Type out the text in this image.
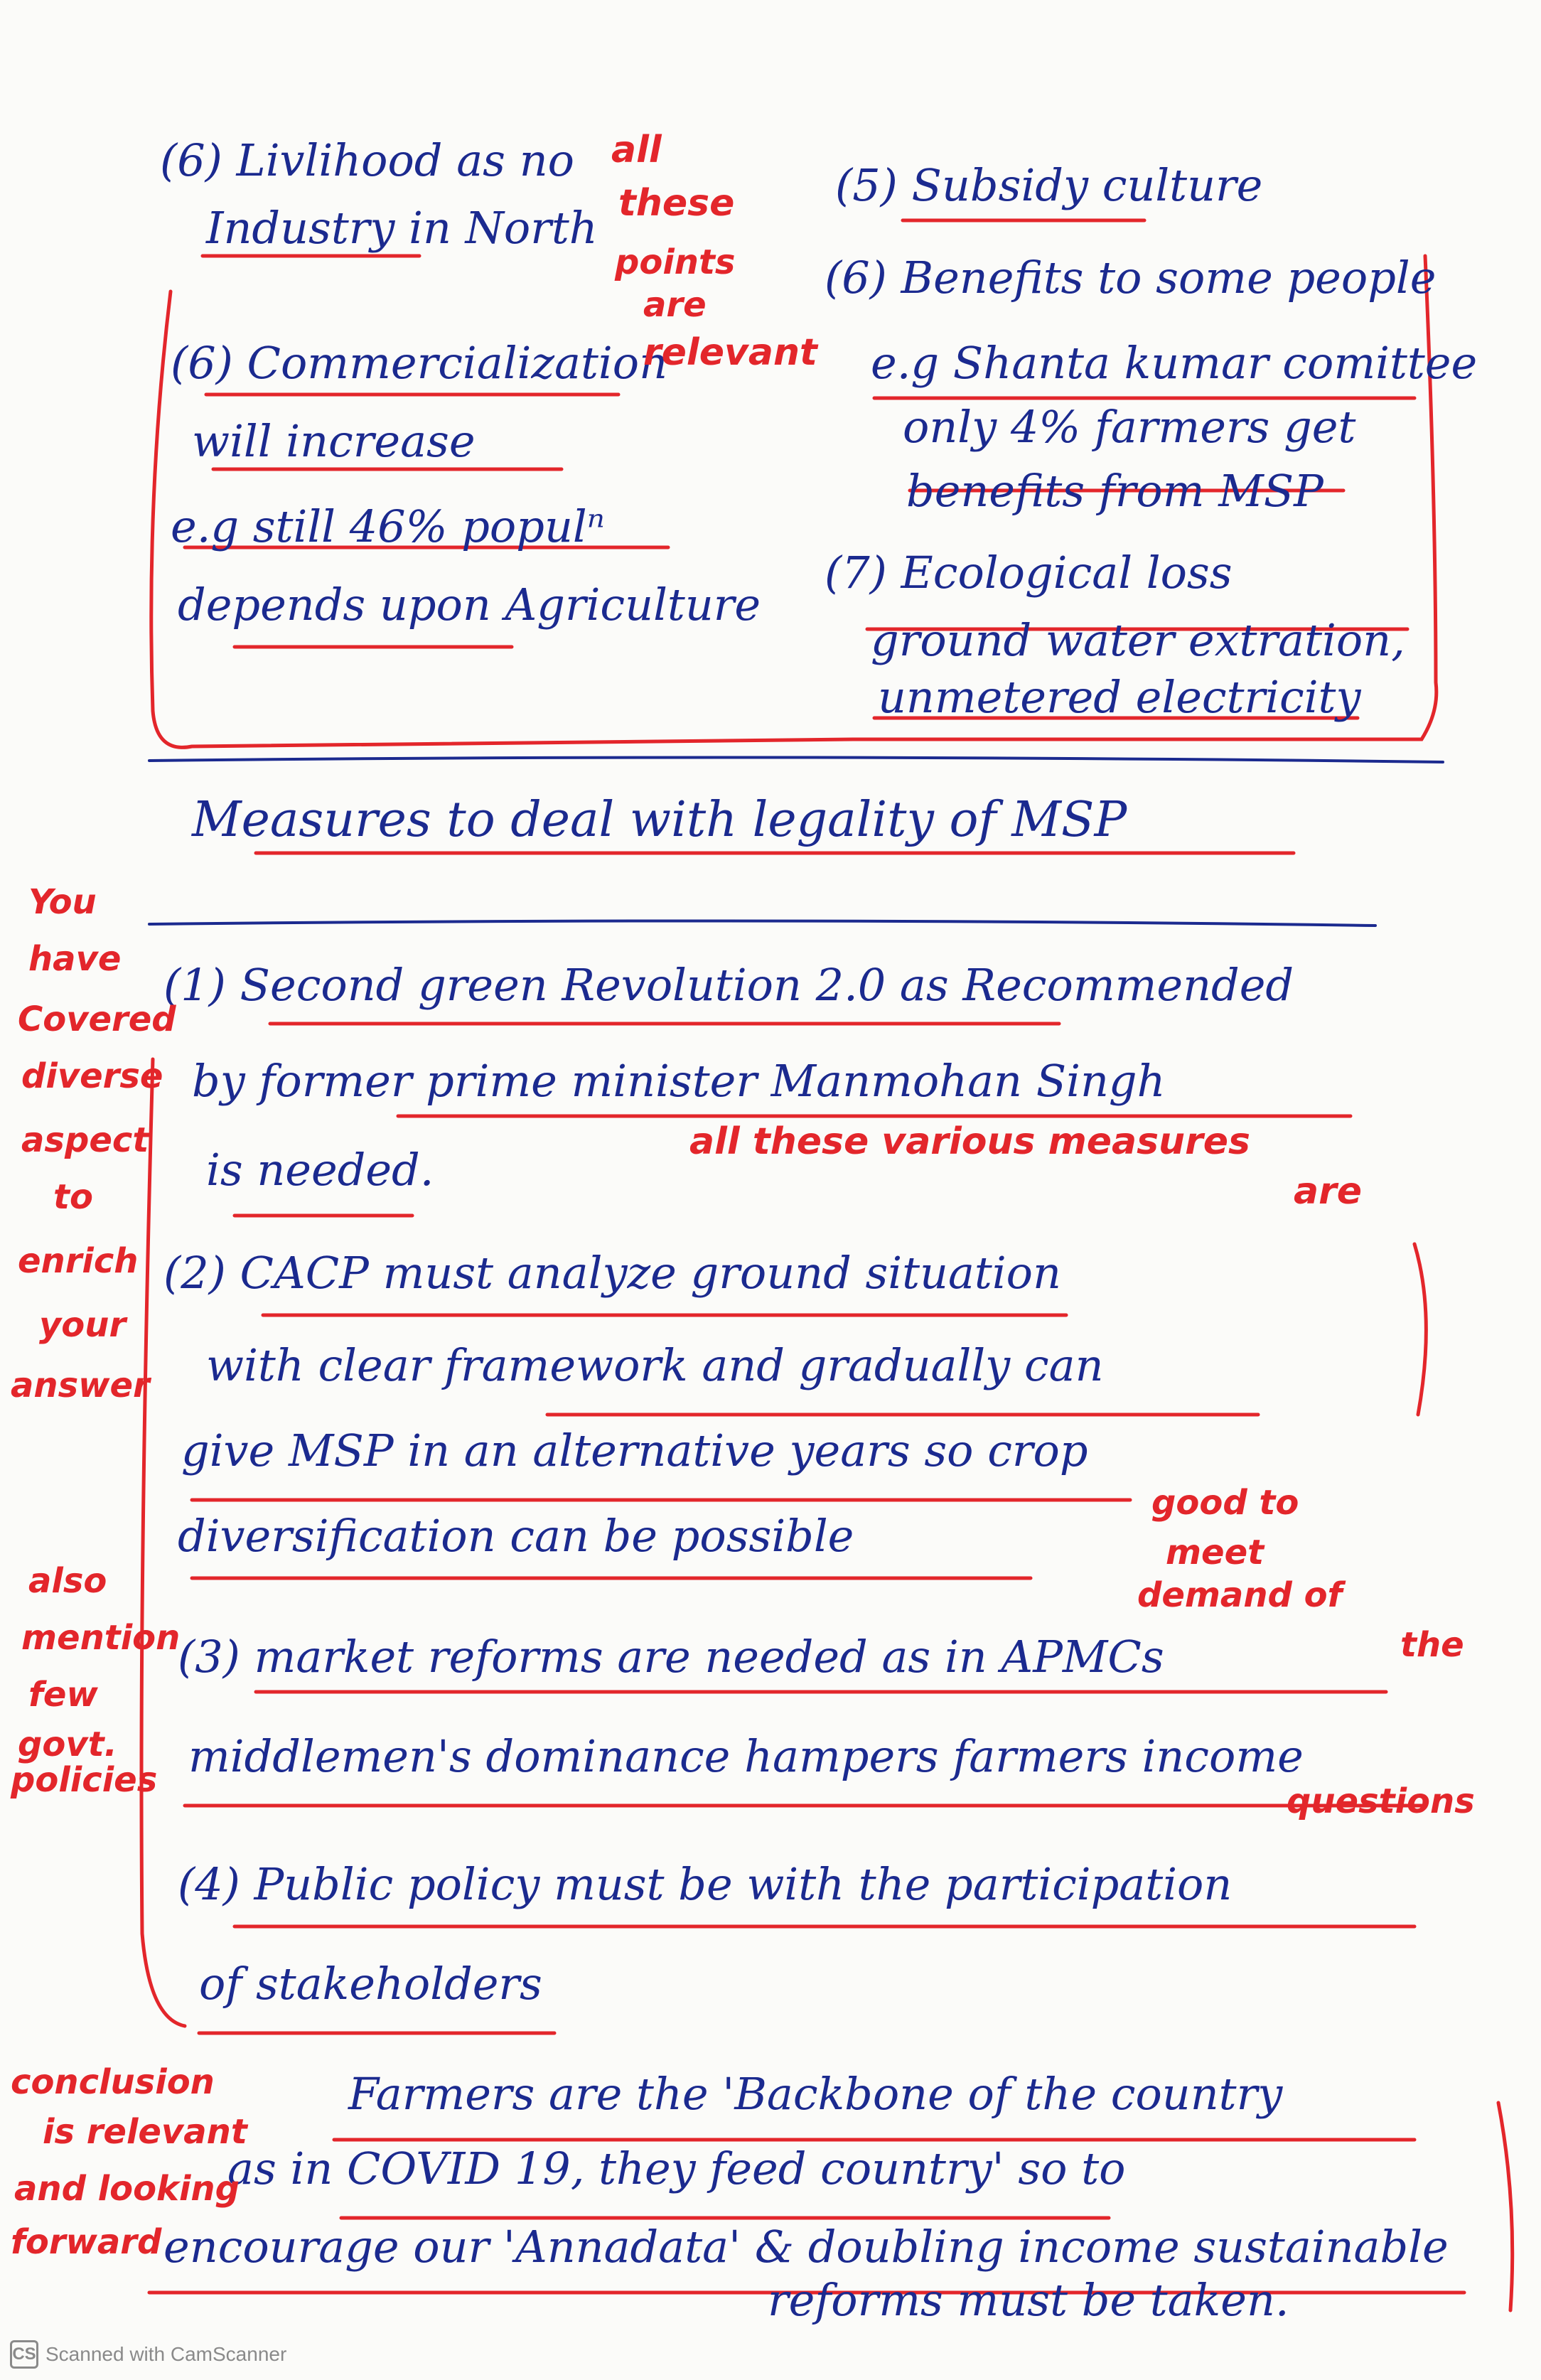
(6) Livlihood as no
Industry in North
(6) Commercialization
will increase
e.g still 46% populⁿ
depends upon Agriculture
(5) Subsidy culture
(6) Benefits to some people
e.g Shanta kumar comittee
only 4% farmers get
benefits from MSP
(7) Ecological loss
ground water extration,
unmetered electricity
Measures to deal with legality of MSP
(1) Second green Revolution 2.0 as Recommended
by former prime minister Manmohan Singh
is needed.
(2) CACP must analyze ground situation
with clear framework and gradually can
give MSP in an alternative years so crop
diversification can be possible
(3) market reforms are needed as in APMCs
middlemen's dominance hampers farmers income
(4) Public policy must be with the participation
of stakeholders
Farmers are the 'Backbone of the country
as in COVID 19, they feed country' so to
encourage our 'Annadata' & doubling income sustainable
reforms must be taken.
all
these
points
are
relevant
You
have
Covered
diverse
aspect
to
enrich
your
answer
all these various measures
are
also
mention
few
govt.
policies
good to
meet
demand of
the
questions
conclusion
is relevant
and looking
forward
CS Scanned with CamScanner
